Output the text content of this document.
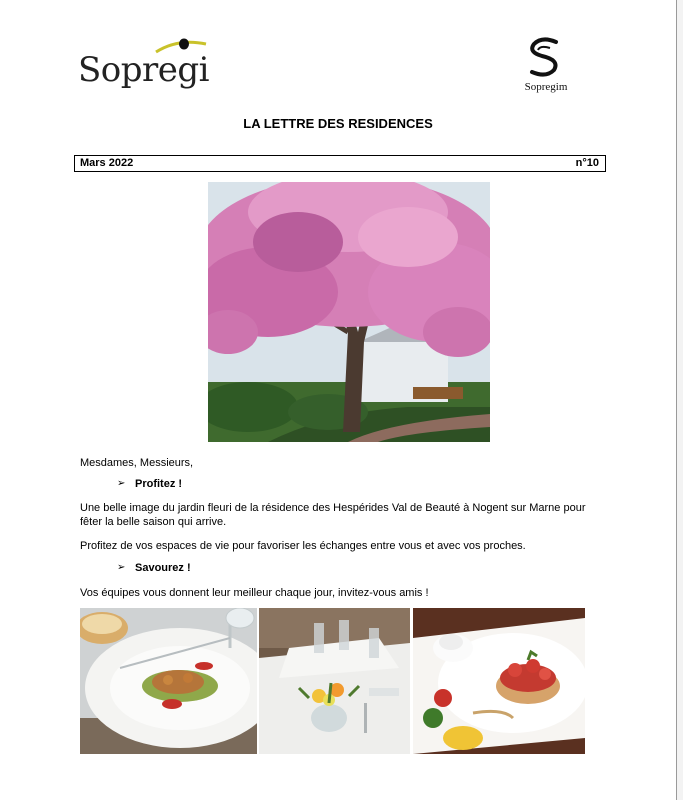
Sopregi	Sopregim
LA LETTRE DES RESIDENCES
Mars 2022	n°10
Mesdames, Messieurs,
➢ Profitez !
Une belle image du jardin fleuri de la résidence des Hespérides Val de Beauté à Nogent sur Marne pour fêter la belle saison qui arrive.
Profitez de vos espaces de vie pour favoriser les échanges entre vous et avec vos proches.
➢ Savourez !
Vos équipes vous donnent leur meilleur chaque jour, invitez-vous amis !
